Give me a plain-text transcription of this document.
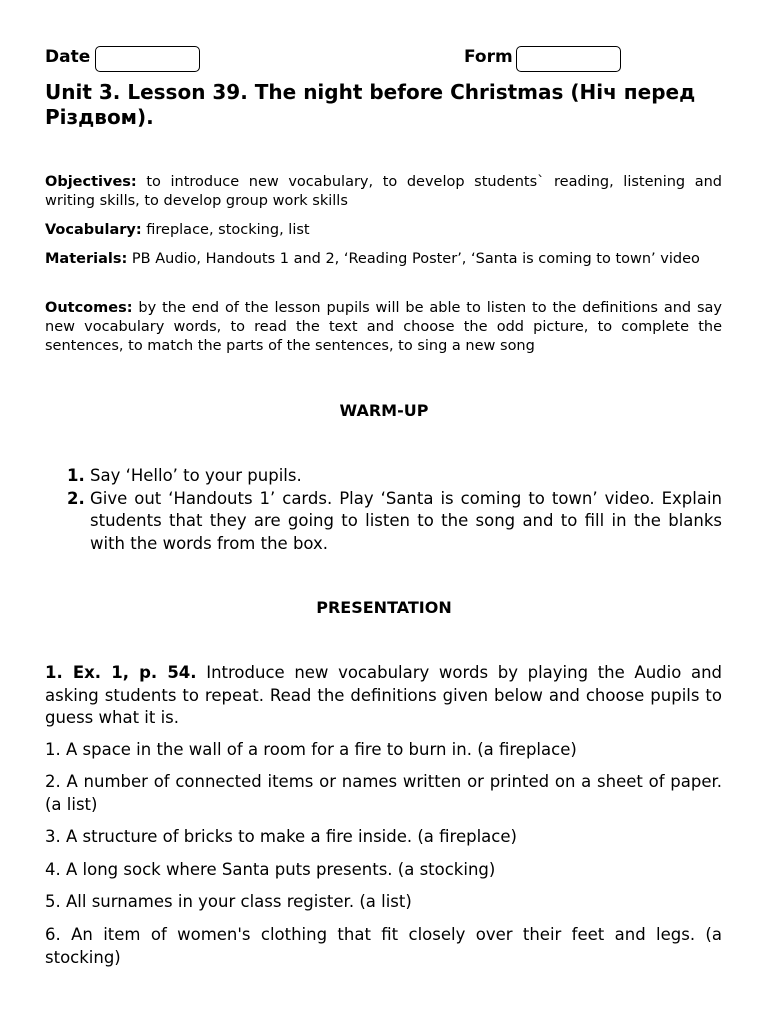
Date	Form
Unit 3. Lesson 39. The night before Christmas (Ніч перед Різдвом).

Objectives: to introduce new vocabulary, to develop students` reading, listening and writing skills, to develop group work skills

Vocabulary: fireplace, stocking, list

Materials: PB Audio, Handouts 1 and 2, ‘Reading Poster’, ‘Santa is coming to town’ video

Outcomes: by the end of the lesson pupils will be able to listen to the definitions and say new vocabulary words, to read the text and choose the odd picture, to complete the sentences, to match the parts of the sentences, to sing a new song

WARM-UP
1. Say ‘Hello’ to your pupils.
2. Give out ‘Handouts 1’ cards. Play ‘Santa is coming to town’ video. Explain students that they are going to listen to the song and to fill in the blanks with the words from the box.
PRESENTATION

1. Ex. 1, p. 54. Introduce new vocabulary words by playing the Audio and asking students to repeat. Read the definitions given below and choose pupils to guess what it is.

1. A space in the wall of a room for a fire to burn in. (a fireplace)

2. A number of connected items or names written or printed on a sheet of paper. (a list)

3. A structure of bricks to make a fire inside. (a fireplace)

4. A long sock where Santa puts presents. (a stocking)

5. All surnames in your class register. (a list)

6. An item of women's clothing that fit closely over their feet and legs. (a stocking)
